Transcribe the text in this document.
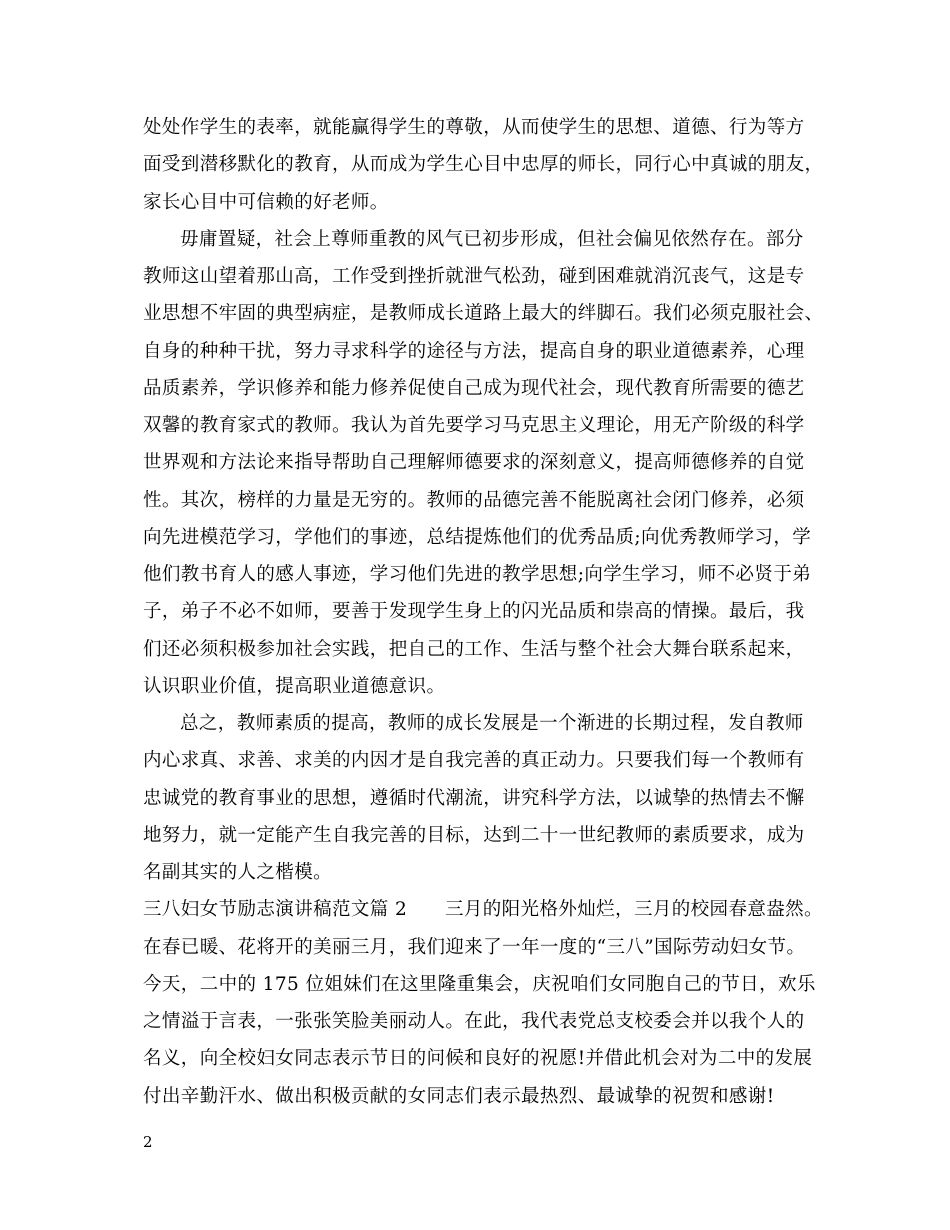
处处作学生的表率，就能赢得学生的尊敬，从而使学生的思想、道德、行为等方
面受到潜移默化的教育，从而成为学生心目中忠厚的师长，同行心中真诚的朋友，
家长心目中可信赖的好老师。
毋庸置疑，社会上尊师重教的风气已初步形成，但社会偏见依然存在。部分
教师这山望着那山高，工作受到挫折就泄气松劲，碰到困难就消沉丧气，这是专
业思想不牢固的典型病症，是教师成长道路上最大的绊脚石。我们必须克服社会、
自身的种种干扰，努力寻求科学的途径与方法，提高自身的职业道德素养，心理
品质素养，学识修养和能力修养促使自己成为现代社会，现代教育所需要的德艺
双馨的教育家式的教师。我认为首先要学习马克思主义理论，用无产阶级的科学
世界观和方法论来指导帮助自己理解师德要求的深刻意义，提高师德修养的自觉
性。其次，榜样的力量是无穷的。教师的品德完善不能脱离社会闭门修养，必须
向先进模范学习，学他们的事迹，总结提炼他们的优秀品质;向优秀教师学习，学
他们教书育人的感人事迹，学习他们先进的教学思想;向学生学习，师不必贤于弟
子，弟子不必不如师，要善于发现学生身上的闪光品质和崇高的情操。最后，我
们还必须积极参加社会实践，把自己的工作、生活与整个社会大舞台联系起来，
认识职业价值，提高职业道德意识。
总之，教师素质的提高，教师的成长发展是一个渐进的长期过程，发自教师
内心求真、求善、求美的内因才是自我完善的真正动力。只要我们每一个教师有
忠诚党的教育事业的思想，遵循时代潮流，讲究科学方法，以诚挚的热情去不懈
地努力，就一定能产生自我完善的目标，达到二十一世纪教师的素质要求，成为
名副其实的人之楷模。
三八妇女节励志演讲稿范文篇 2　　三月的阳光格外灿烂，三月的校园春意盎然。
在春已暖、花将开的美丽三月，我们迎来了一年一度的“三八”国际劳动妇女节。
今天，二中的 175 位姐妹们在这里隆重集会，庆祝咱们女同胞自己的节日，欢乐
之情溢于言表，一张张笑脸美丽动人。在此，我代表党总支校委会并以我个人的
名义，向全校妇女同志表示节日的问候和良好的祝愿!并借此机会对为二中的发展
付出辛勤汗水、做出积极贡献的女同志们表示最热烈、最诚挚的祝贺和感谢!
2
